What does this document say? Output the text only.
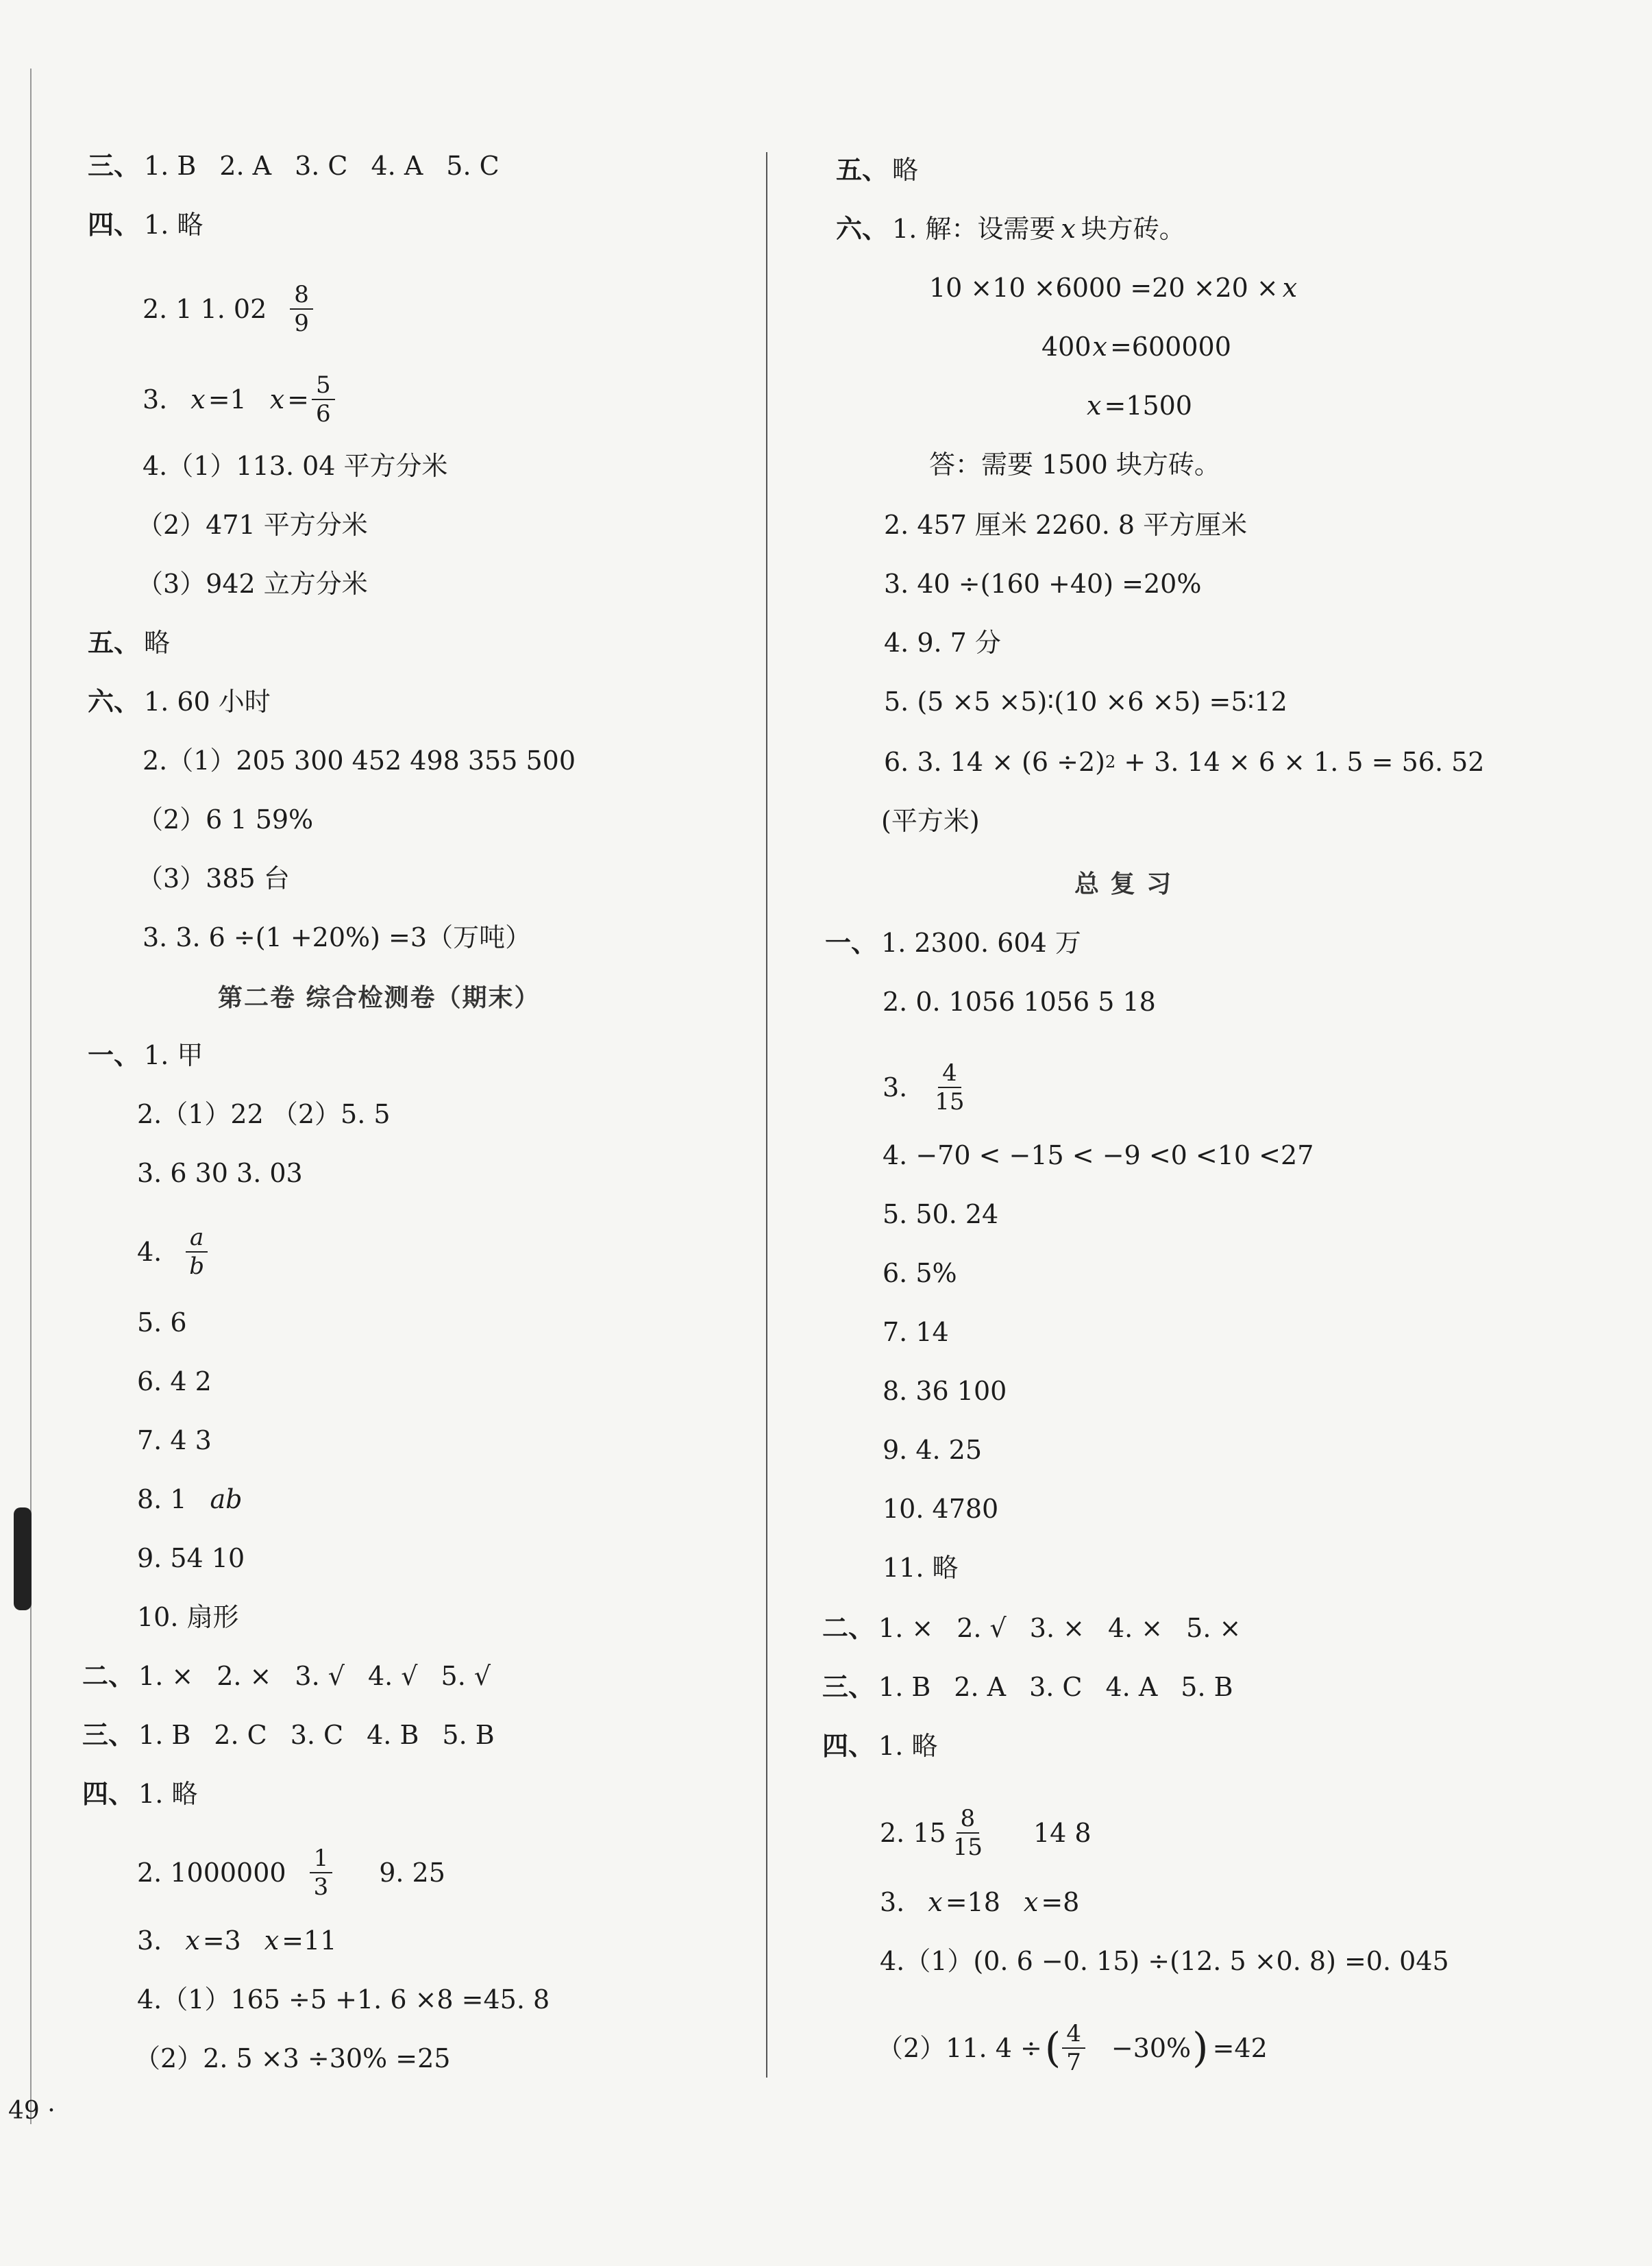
三、 1. B 2. A 3. C 4. A 5. C
四、 1. 略
2. 1 1. $02 \frac{8}{9}$
3. x =1 $x = \frac{5}{6}$
4.（1）113. 04 平方分米
（2）471 平方分米
（3）942 立方分米
五、 略
六、 1. 60 小时
2.（1）205 300 452 498 355 500
（2）6 1 59%
（3）385 台
3. 3. 6 ÷(1 +20%) =3（万吨）
第二卷 综合检测卷（期末）
一、 1. 甲
2.（1）22 （2）5. 5
3. 6 30 3. 03
4. $\frac{a}{b}$
5. 6
6. 4 2
7. 4 3
8. 1 ab
9. 54 10
10. 扇形
二、 1. × 2. × 3. √ 4. √ 5. √
三、 1. B 2. C 3. C 4. B 5. B
四、 1. 略
2. $1000000 \frac{1}{3} 9$. 25
3. x =3 x =11
4.（1）165 ÷5 +1. 6 ×8 =45. 8
（2）2. 5 ×3 ÷30% =25
五、 略
六、 1. 解：设需要 x 块方砖。
10 ×10 ×6000 =20 ×20 × x
400 x =600000
x =1500
答：需要 1500 块方砖。
2. 457 厘米 2260. 8 平方厘米
3. 40 ÷(160 +40) =20%
4. 9. 7 分
5. (5 ×5 ×5)∶(10 ×6 ×5) =5∶12
6. 3. 14 × (6 ÷2) 2 + 3. 14 × 6 × 1. 5 = 56. 52
(平方米)
总 复 习
一、 1. 2300. 604 万
2. 0. 1056 1056 5 18
3. $\frac{4}{15}$
4. −70 < −15 < −9 <0 <10 <27
5. 50. 24
6. 5%
7. 14
8. 36 100
9. 4. 25
10. 4780
11. 略
二、 1. × 2. √ 3. × 4. × 5. ×
三、 1. B 2. A 3. C 4. A 5. B
四、 1. 略
2. $15 \frac{8}{15} 14$ 8
3. x =18 x =8
4.（1）(0. 6 −0. 15) ÷(12. 5 ×0. 8) =0. 045
（2）11. 4 ÷ ( $\frac{4}{7} -30\%$ ) =42
49 ·
